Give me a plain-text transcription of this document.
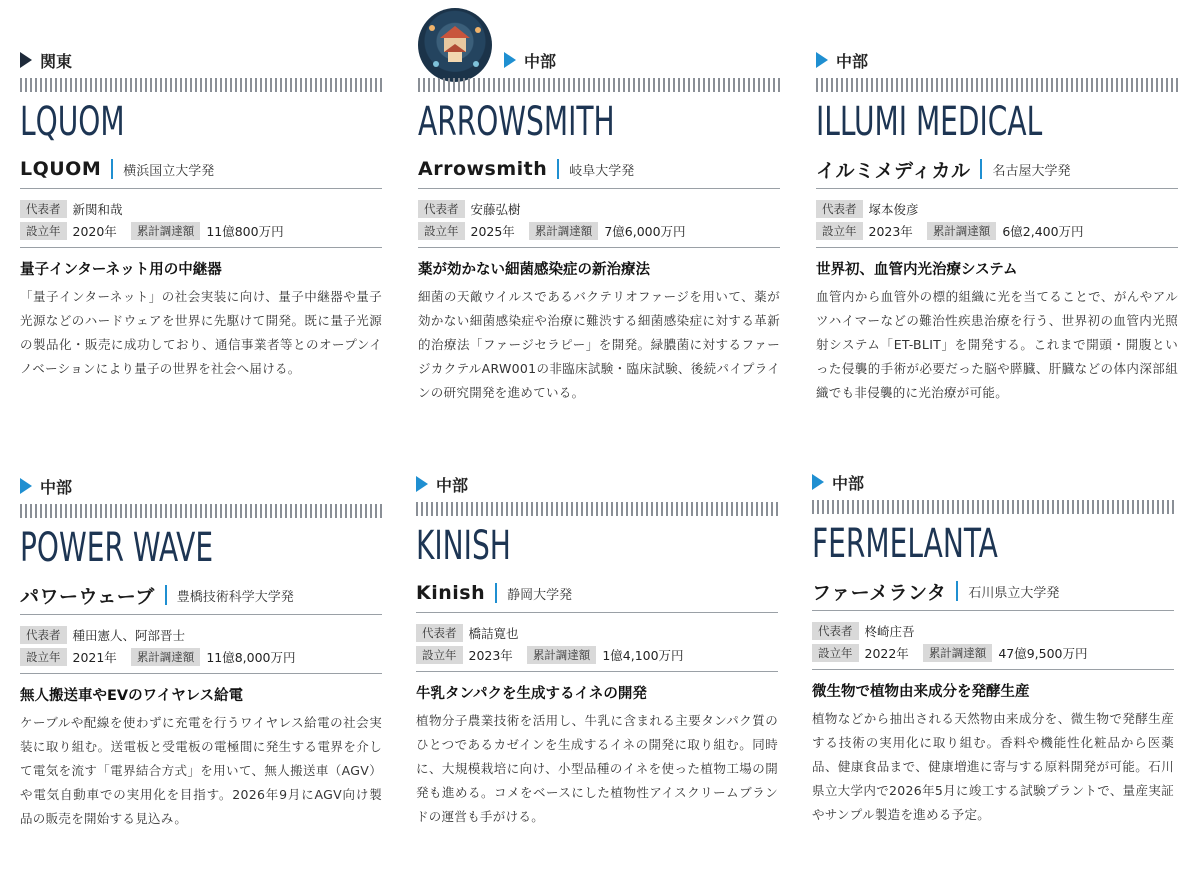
関東
LQUOM
LQUOM 横浜国立大学発
代表者 新関和哉
設立年 2020年	累計調達額 11億800万円
量子インターネット用の中継器
「量子インターネット」の社会実装に向け、量子中継器や量子光源などのハードウェアを世界に先駆けて開発。既に量子光源の製品化・販売に成功しており、通信事業者等とのオープンイノベーションにより量子の世界を社会へ届ける。
中部
ARROWSMITH
Arrowsmith 岐阜大学発
代表者 安藤弘樹
設立年 2025年	累計調達額 7億6,000万円
薬が効かない細菌感染症の新治療法
細菌の天敵ウイルスであるバクテリオファージを用いて、薬が効かない細菌感染症や治療に難渋する細菌感染症に対する革新的治療法「ファージセラピー」を開発。緑膿菌に対するファージカクテルARW001の非臨床試験・臨床試験、後続パイプラインの研究開発を進めている。
中部
ILLUMI MEDICAL
イルミメディカル 名古屋大学発
代表者 塚本俊彦
設立年 2023年	累計調達額 6億2,400万円
世界初、血管内光治療システム
血管内から血管外の標的組織に光を当てることで、がんやアルツハイマーなどの難治性疾患治療を行う、世界初の血管内光照射システム「ET-BLIT」を開発する。これまで開頭・開腹といった侵襲的手術が必要だった脳や膵臓、肝臓などの体内深部組織でも非侵襲的に光治療が可能。
中部
POWER WAVE
パワーウェーブ 豊橋技術科学大学発
代表者 種田憲人、阿部晋士
設立年 2021年	累計調達額 11億8,000万円
無人搬送車やEVのワイヤレス給電
ケーブルや配線を使わずに充電を行うワイヤレス給電の社会実装に取り組む。送電板と受電板の電極間に発生する電界を介して電気を流す「電界結合方式」を用いて、無人搬送車（AGV）や電気自動車での実用化を目指す。2026年9月にAGV向け製品の販売を開始する見込み。
中部
KINISH
Kinish 静岡大学発
代表者 橋詰寛也
設立年 2023年	累計調達額 1億4,100万円
牛乳タンパクを生成するイネの開発
植物分子農業技術を活用し、牛乳に含まれる主要タンパク質のひとつであるカゼインを生成するイネの開発に取り組む。同時に、大規模栽培に向け、小型品種のイネを使った植物工場の開発も進める。コメをベースにした植物性アイスクリームブランドの運営も手がける。
中部
FERMELANTA
ファーメランタ 石川県立大学発
代表者 柊崎庄吾
設立年 2022年	累計調達額 47億9,500万円
微生物で植物由来成分を発酵生産
植物などから抽出される天然物由来成分を、微生物で発酵生産する技術の実用化に取り組む。香料や機能性化粧品から医薬品、健康食品まで、健康増進に寄与する原料開発が可能。石川県立大学内で2026年5月に竣工する試験プラントで、量産実証やサンプル製造を進める予定。
